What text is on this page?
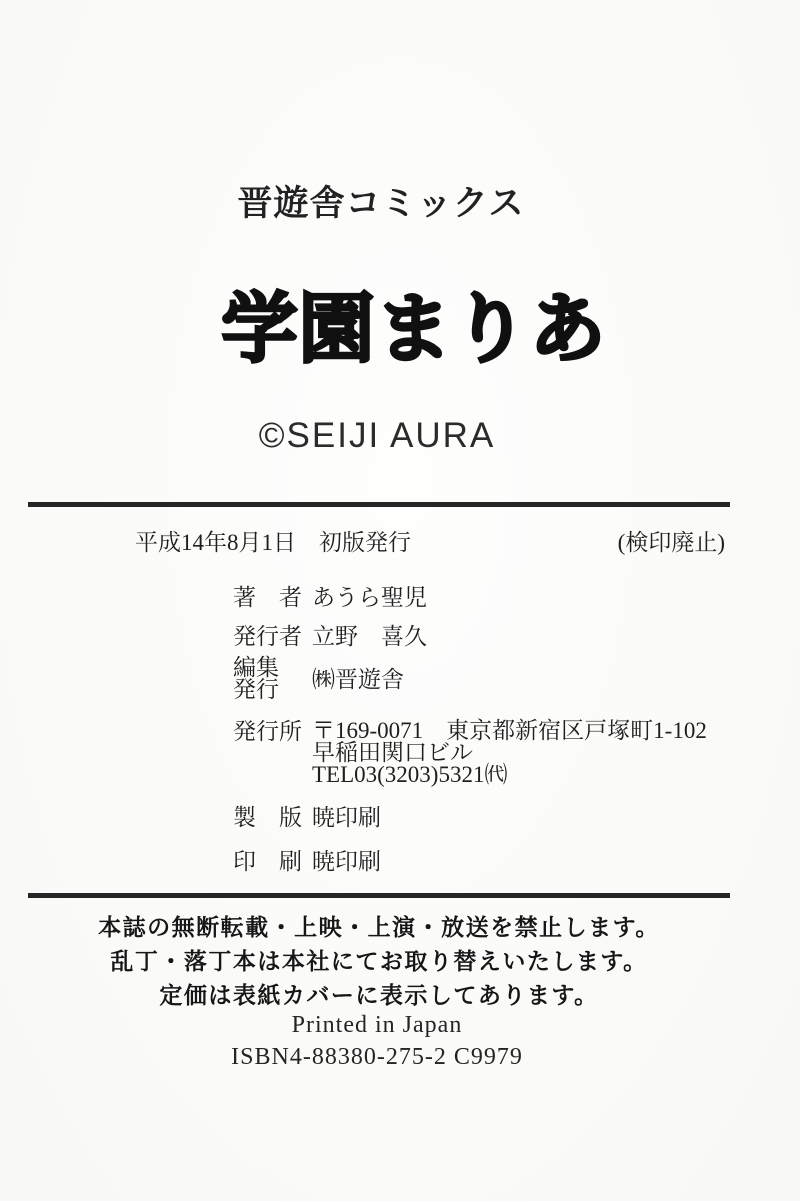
晋遊舎コミックス
学園まりあ
©SEIJI AURA
平成14年8月1日　初版発行	(検印廃止)
著　者 あうら聖児
発行者 立野　喜久
編集
発行	㈱晋遊舎
発行所 〒169-0071　東京都新宿区戸塚町1-102
早稲田関口ビル
TEL03(3203)5321㈹
製　版 暁印刷
印　刷 暁印刷
本誌の無断転載・上映・上演・放送を禁止します。
乱丁・落丁本は本社にてお取り替えいたします。
定価は表紙カバーに表示してあります。
Printed in Japan
ISBN4-88380-275-2 C9979
